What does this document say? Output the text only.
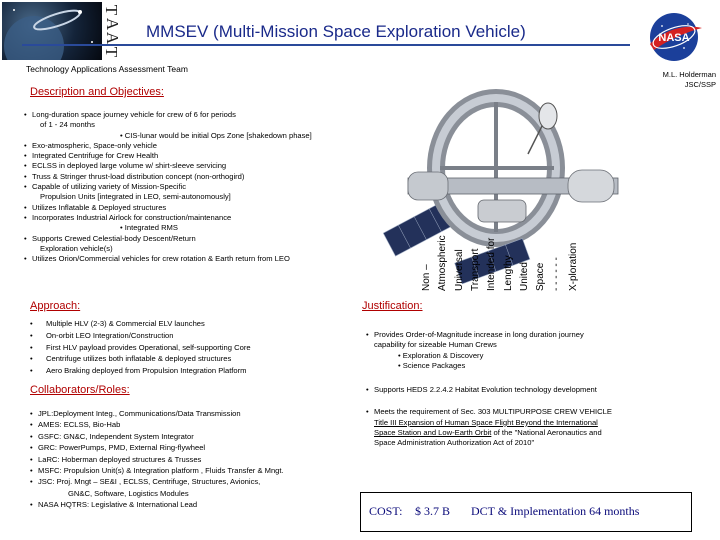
T
A
A
T
MMSEV (Multi-Mission Space Exploration Vehicle)
Technology Applications Assessment Team
NASA
M.L. Holderman
JSC/SSP
Description and Objectives:
• Long-duration space journey vehicle for crew of 6 for periods
of 1 - 24 months
• CIS-lunar would be initial Ops Zone [shakedown phase]
• Exo-atmospheric, Space-only vehicle
• Integrated Centrifuge for Crew Health
• ECLSS in deployed large volume w/ shirt-sleeve servicing
• Truss & Stringer thrust-load distribution concept (non-orthogird)
• Capable of utilizing variety of Mission-Specific
Propulsion Units [integrated in LEO, semi-autonomously]
• Utilizes Inflatable & Deployed structures
• Incorporates Industrial Airlock for construction/maintenance
• Integrated RMS
• Supports Crewed Celestial-body Descent/Return
Exploration vehicle(s)
• Utilizes Orion/Commercial vehicles for crew rotation & Earth return from LEO
Non – Atmospheric Universal Transport Intended for Lengthy United Space - - - - - - X-ploration
Approach:
• Multiple HLV (2-3) & Commercial ELV launches
• On-orbit LEO Integration/Construction
• First HLV payload provides Operational, self-supporting Core
• Centrifuge utilizes both inflatable & deployed structures
• Aero Braking deployed from Propulsion Integration Platform
Collaborators/Roles:
• JPL:Deployment Integ., Communications/Data Transmission
• AMES: ECLSS, Bio-Hab
• GSFC: GN&C, Independent System Integrator
• GRC: PowerPumps, PMD, External Ring-flywheel
• LaRC: Hoberman deployed structures & Trusses
• MSFC: Propulsion Unit(s) & Integration platform , Fluids Transfer & Mngt.
• JSC: Proj. Mngt – SE&I , ECLSS, Centrifuge, Structures, Avionics,
GN&C, Software, Logistics Modules
• NASA HQTRS: Legislative & International Lead
Justification:
• Provides Order-of-Magnitude increase in long duration journey
capability for sizeable Human Crews
• Exploration & Discovery
• Science Packages
• Supports HEDS 2.2.4.2 Habitat Evolution technology development
• Meets the requirement of Sec. 303 MULTIPURPOSE CREW VEHICLE
Title III Expansion of Human Space Flight Beyond the International
Space Station and Low-Earth Orbit of the "National Aeronautics and
Space Administration Authorization Act of 2010"
COST: $ 3.7 B DCT & Implementation 64 months
